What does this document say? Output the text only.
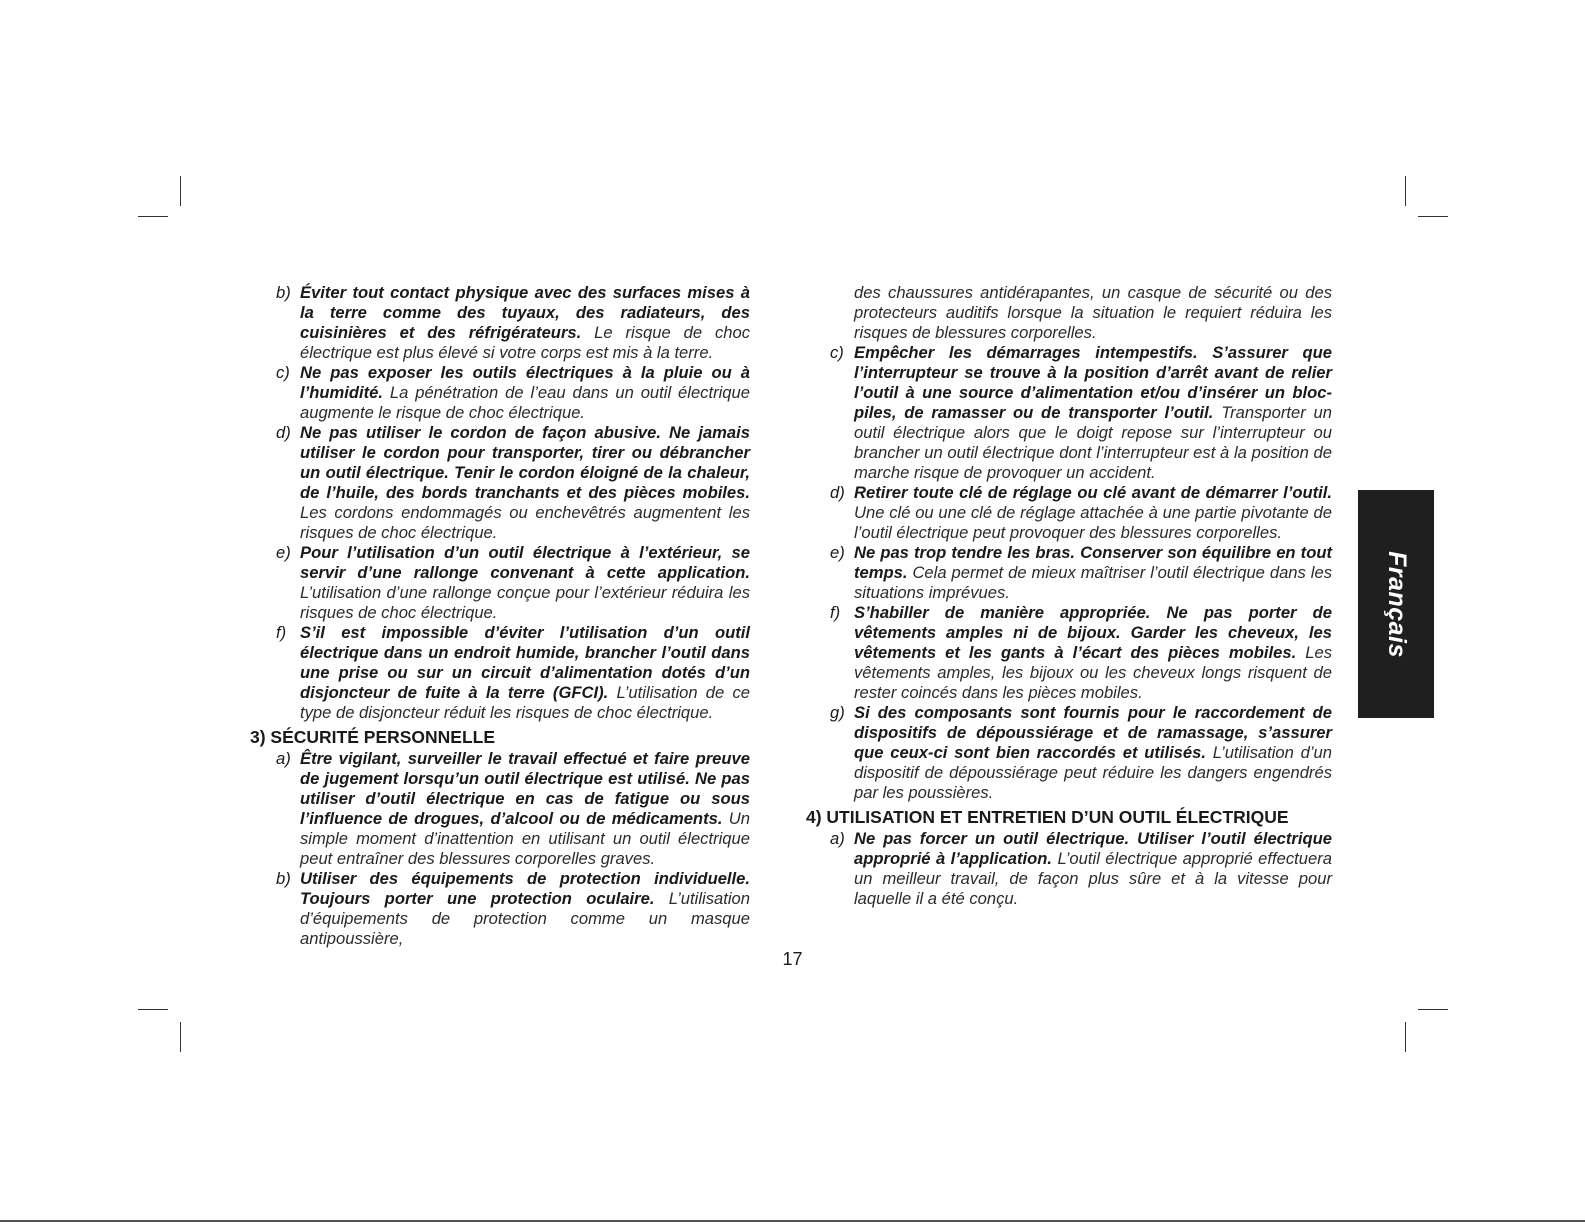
b) Éviter tout contact physique avec des surfaces mises à la terre comme des tuyaux, des radiateurs, des cuisinières et des réfrigérateurs. Le risque de choc électrique est plus élevé si votre corps est mis à la terre.

c) Ne pas exposer les outils électriques à la pluie ou à l’humidité. La pénétration de l’eau dans un outil électrique augmente le risque de choc électrique.

d) Ne pas utiliser le cordon de façon abusive. Ne jamais utiliser le cordon pour transporter, tirer ou débrancher un outil électrique. Tenir le cordon éloigné de la chaleur, de l’huile, des bords tranchants et des pièces mobiles. Les cordons endommagés ou enchevêtrés augmentent les risques de choc électrique.

e) Pour l’utilisation d’un outil électrique à l’extérieur, se servir d’une rallonge convenant à cette application. L’utilisation d’une rallonge conçue pour l’extérieur réduira les risques de choc électrique.

f) S’il est impossible d’éviter l’utilisation d’un outil électrique dans un endroit humide, brancher l’outil dans une prise ou sur un circuit d’alimentation dotés d’un disjoncteur de fuite à la terre (GFCI). L’utilisation de ce type de disjoncteur réduit les risques de choc électrique.

3) SÉCURITÉ PERSONNELLE

a) Être vigilant, surveiller le travail effectué et faire preuve de jugement lorsqu’un outil électrique est utilisé. Ne pas utiliser d’outil électrique en cas de fatigue ou sous l’influence de drogues, d’alcool ou de médicaments. Un simple moment d’inattention en utilisant un outil électrique peut entraîner des blessures corporelles graves.

b) Utiliser des équipements de protection individuelle. Toujours porter une protection oculaire. L’utilisation d’équipements de protection comme un masque antipoussière,

des chaussures antidérapantes, un casque de sécurité ou des protecteurs auditifs lorsque la situation le requiert réduira les risques de blessures corporelles.

c) Empêcher les démarrages intempestifs. S’assurer que l’interrupteur se trouve à la position d’arrêt avant de relier l’outil à une source d’alimentation et/ou d’insérer un bloc-piles, de ramasser ou de transporter l’outil. Transporter un outil électrique alors que le doigt repose sur l’interrupteur ou brancher un outil électrique dont l’interrupteur est à la position de marche risque de provoquer un accident.

d) Retirer toute clé de réglage ou clé avant de démarrer l’outil. Une clé ou une clé de réglage attachée à une partie pivotante de l’outil électrique peut provoquer des blessures corporelles.

e) Ne pas trop tendre les bras. Conserver son équilibre en tout temps. Cela permet de mieux maîtriser l’outil électrique dans les situations imprévues.

f) S’habiller de manière appropriée. Ne pas porter de vêtements amples ni de bijoux. Garder les cheveux, les vêtements et les gants à l’écart des pièces mobiles. Les vêtements amples, les bijoux ou les cheveux longs risquent de rester coincés dans les pièces mobiles.

g) Si des composants sont fournis pour le raccordement de dispositifs de dépoussiérage et de ramassage, s’assurer que ceux-ci sont bien raccordés et utilisés. L’utilisation d’un dispositif de dépoussiérage peut réduire les dangers engendrés par les poussières.

4) UTILISATION ET ENTRETIEN D’UN OUTIL ÉLECTRIQUE

a) Ne pas forcer un outil électrique. Utiliser l’outil électrique approprié à l’application. L’outil électrique approprié effectuera un meilleur travail, de façon plus sûre et à la vitesse pour laquelle il a été conçu.

17
Français
